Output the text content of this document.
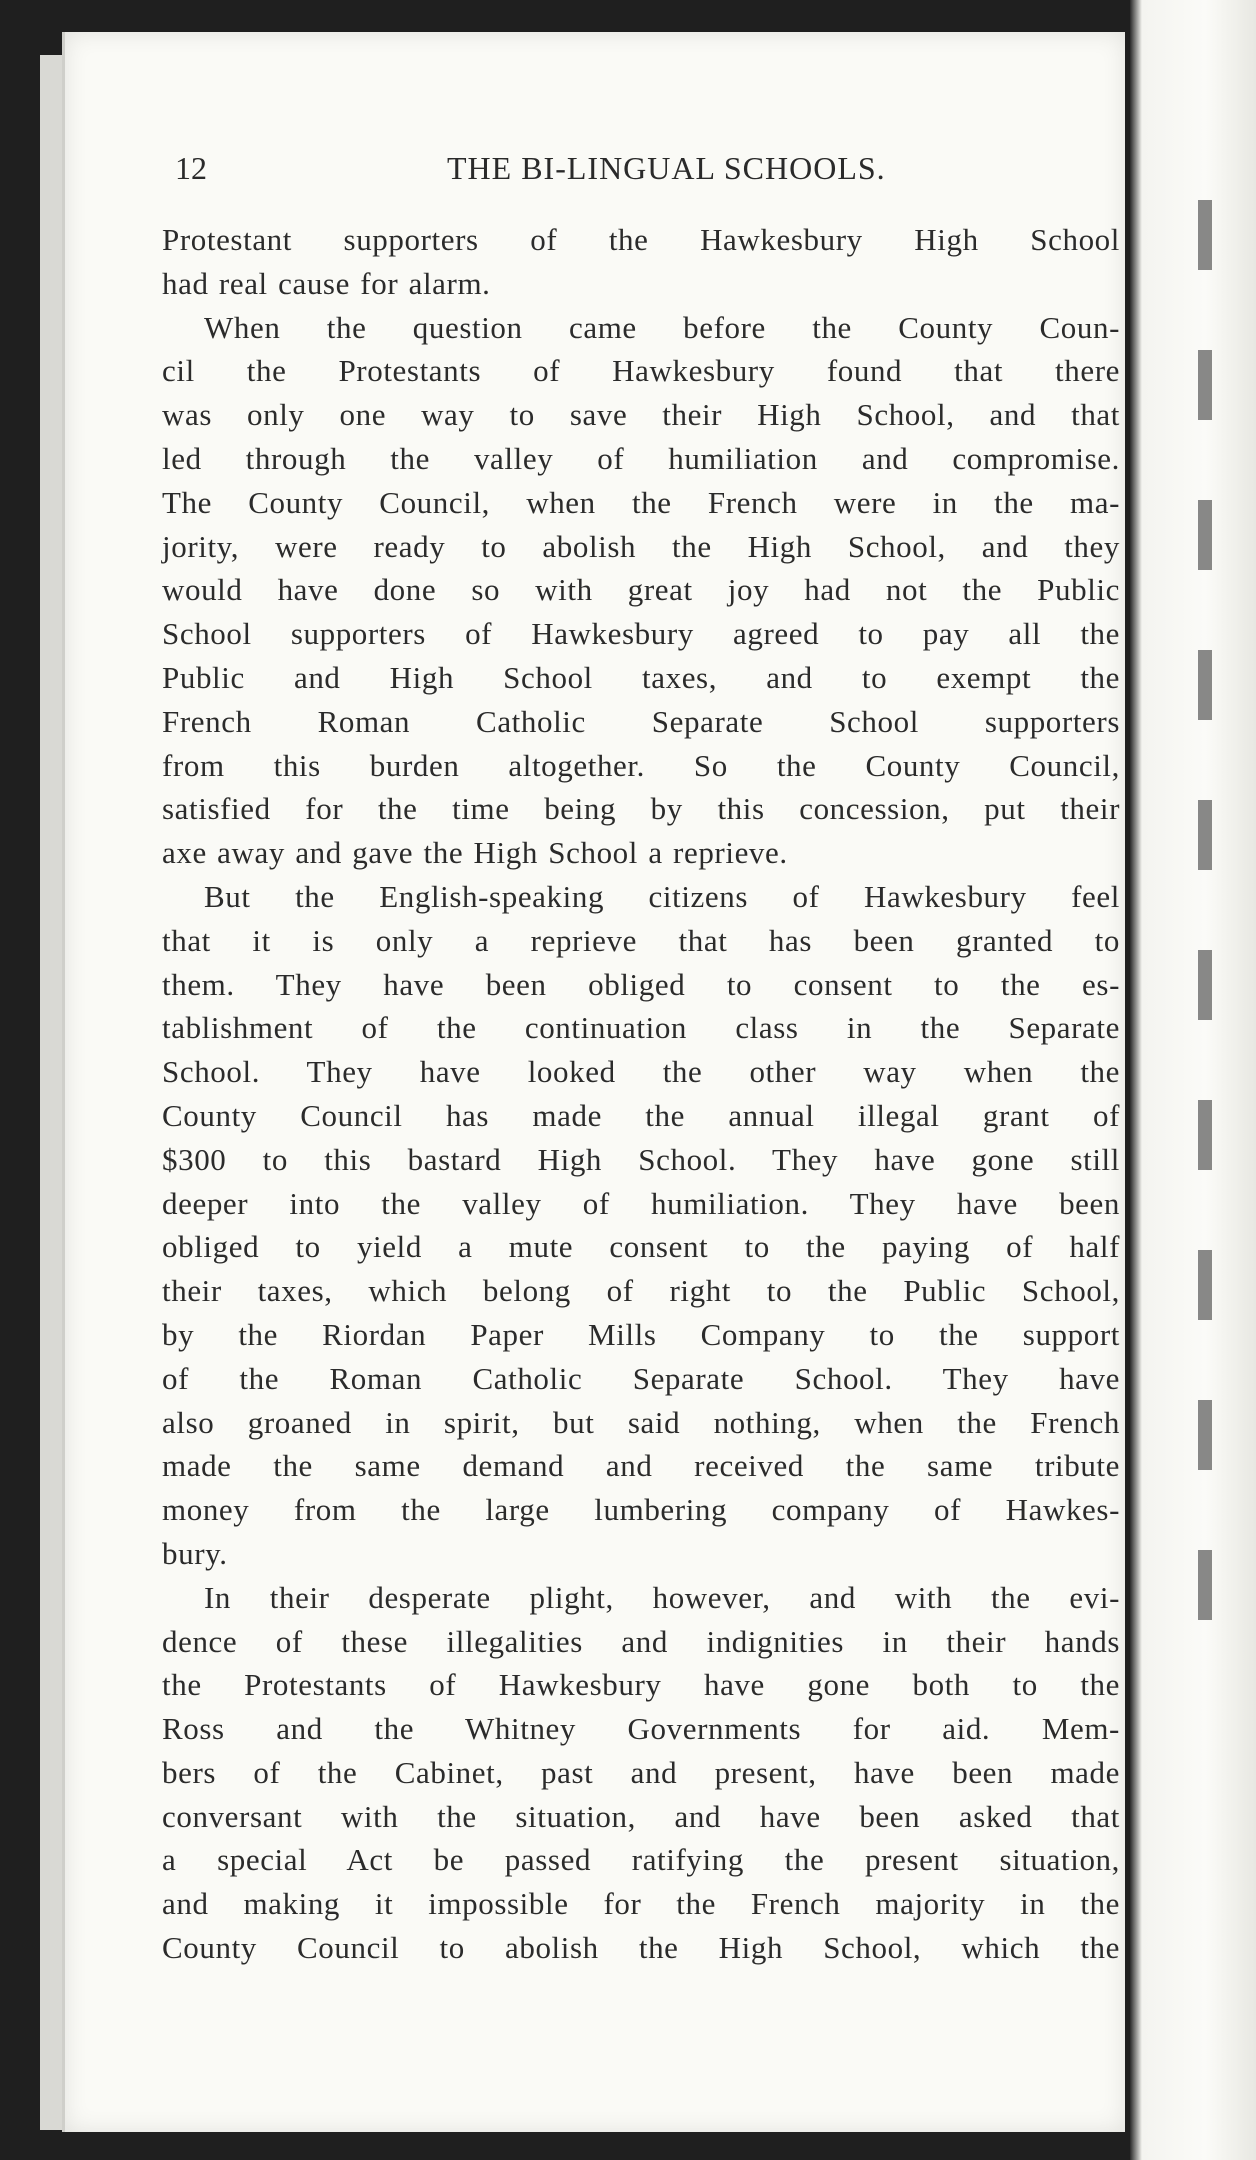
12	THE BI-LINGUAL SCHOOLS.
Protestant supporters of the Hawkesbury High School
had real cause for alarm.
When the question came before the County Coun-
cil the Protestants of Hawkesbury found that there
was only one way to save their High School, and that
led through the valley of humiliation and compromise.
The County Council, when the French were in the ma-
jority, were ready to abolish the High School, and they
would have done so with great joy had not the Public
School supporters of Hawkesbury agreed to pay all the
Public and High School taxes, and to exempt the
French Roman Catholic Separate School supporters
from this burden altogether. So the County Council,
satisfied for the time being by this concession, put their
axe away and gave the High School a reprieve.
But the English-speaking citizens of Hawkesbury feel
that it is only a reprieve that has been granted to
them. They have been obliged to consent to the es-
tablishment of the continuation class in the Separate
School. They have looked the other way when the
County Council has made the annual illegal grant of
$300 to this bastard High School. They have gone still
deeper into the valley of humiliation. They have been
obliged to yield a mute consent to the paying of half
their taxes, which belong of right to the Public School,
by the Riordan Paper Mills Company to the support
of the Roman Catholic Separate School. They have
also groaned in spirit, but said nothing, when the French
made the same demand and received the same tribute
money from the large lumbering company of Hawkes-
bury.
In their desperate plight, however, and with the evi-
dence of these illegalities and indignities in their hands
the Protestants of Hawkesbury have gone both to the
Ross and the Whitney Governments for aid. Mem-
bers of the Cabinet, past and present, have been made
conversant with the situation, and have been asked that
a special Act be passed ratifying the present situation,
and making it impossible for the French majority in the
County Council to abolish the High School, which the
